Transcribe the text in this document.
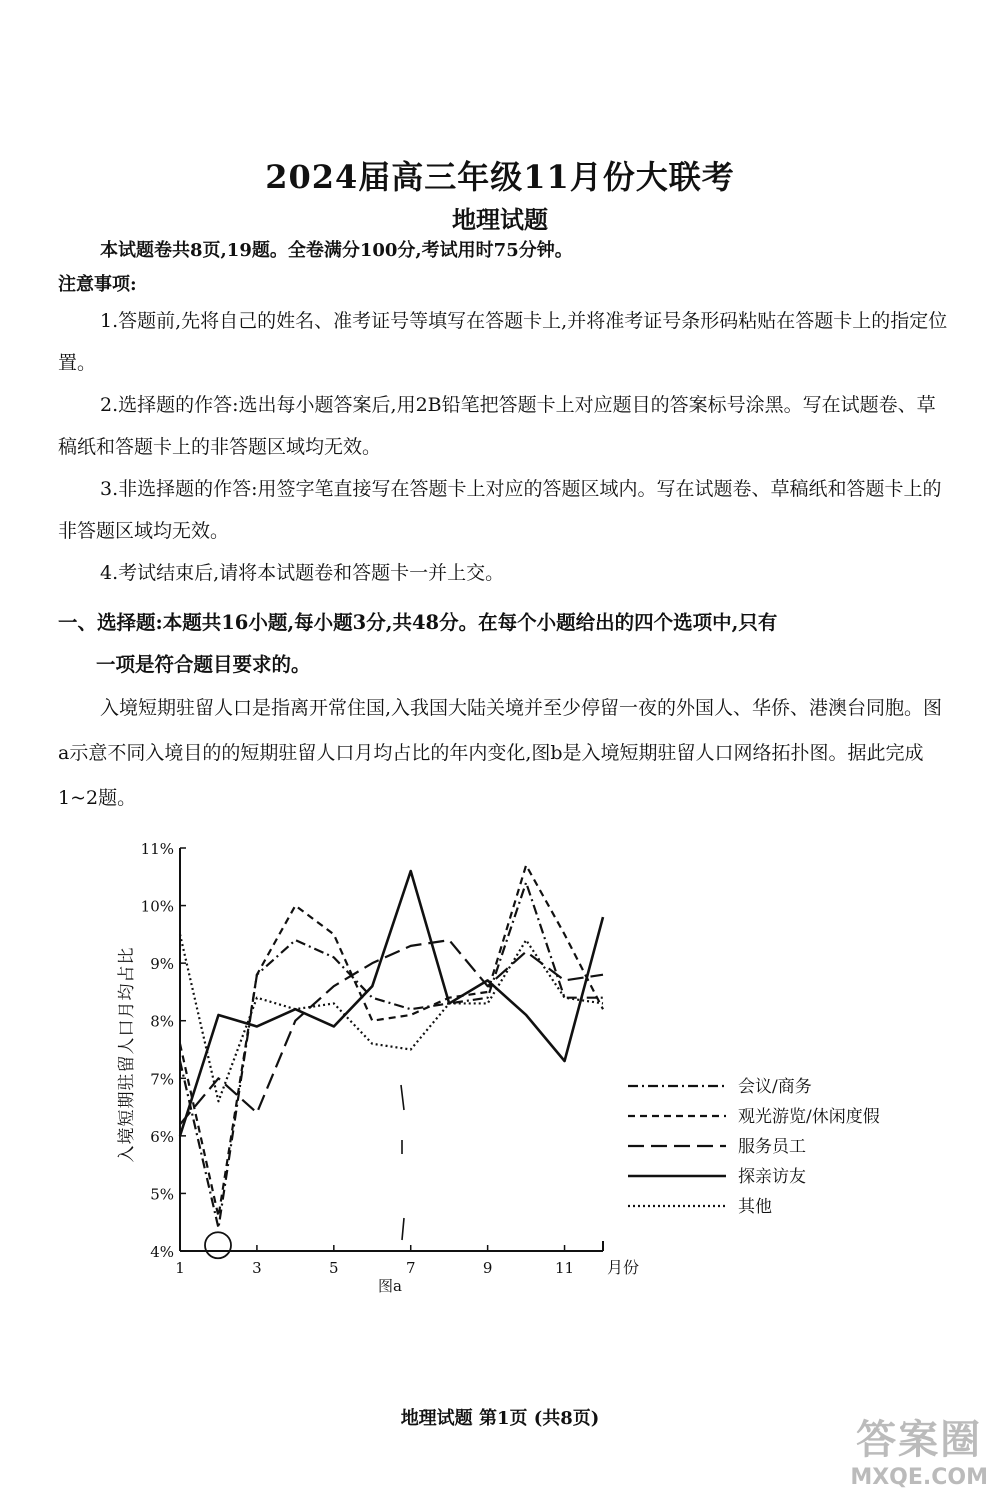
2024届高三年级11月份大联考
地理试题
本试题卷共8页,19题。全卷满分100分,考试用时75分钟。
注意事项:

1.答题前,先将自己的姓名、准考证号等填写在答题卡上,并将准考证号条形码粘贴在答题卡上的指定位置。

2.选择题的作答:选出每小题答案后,用2B铅笔把答题卡上对应题目的答案标号涂黑。写在试题卷、草稿纸和答题卡上的非答题区域均无效。

3.非选择题的作答:用签字笔直接写在答题卡上对应的答题区域内。写在试题卷、草稿纸和答题卡上的非答题区域均无效。

4.考试结束后,请将本试题卷和答题卡一并上交。

一、选择题:本题共16小题,每小题3分,共48分。在每个小题给出的四个选项中,只有
一项是符合题目要求的。

入境短期驻留人口是指离开常住国,入我国大陆关境并至少停留一夜的外国人、华侨、港澳台同胞。图a示意不同入境目的的短期驻留人口月均占比的年内变化,图b是入境短期驻留人口网络拓扑图。据此完成1~2题。

4%
5%
6%
7%
8%
9%
10%
11%
1	3	5	7	9	11 月份
图a
入境短期驻留人口月均占比	会议/商务
观光游览/休闲度假
服务员工
探亲访友
其他
地理试题 第1页 (共8页)	答案圈
MXQE.COM
